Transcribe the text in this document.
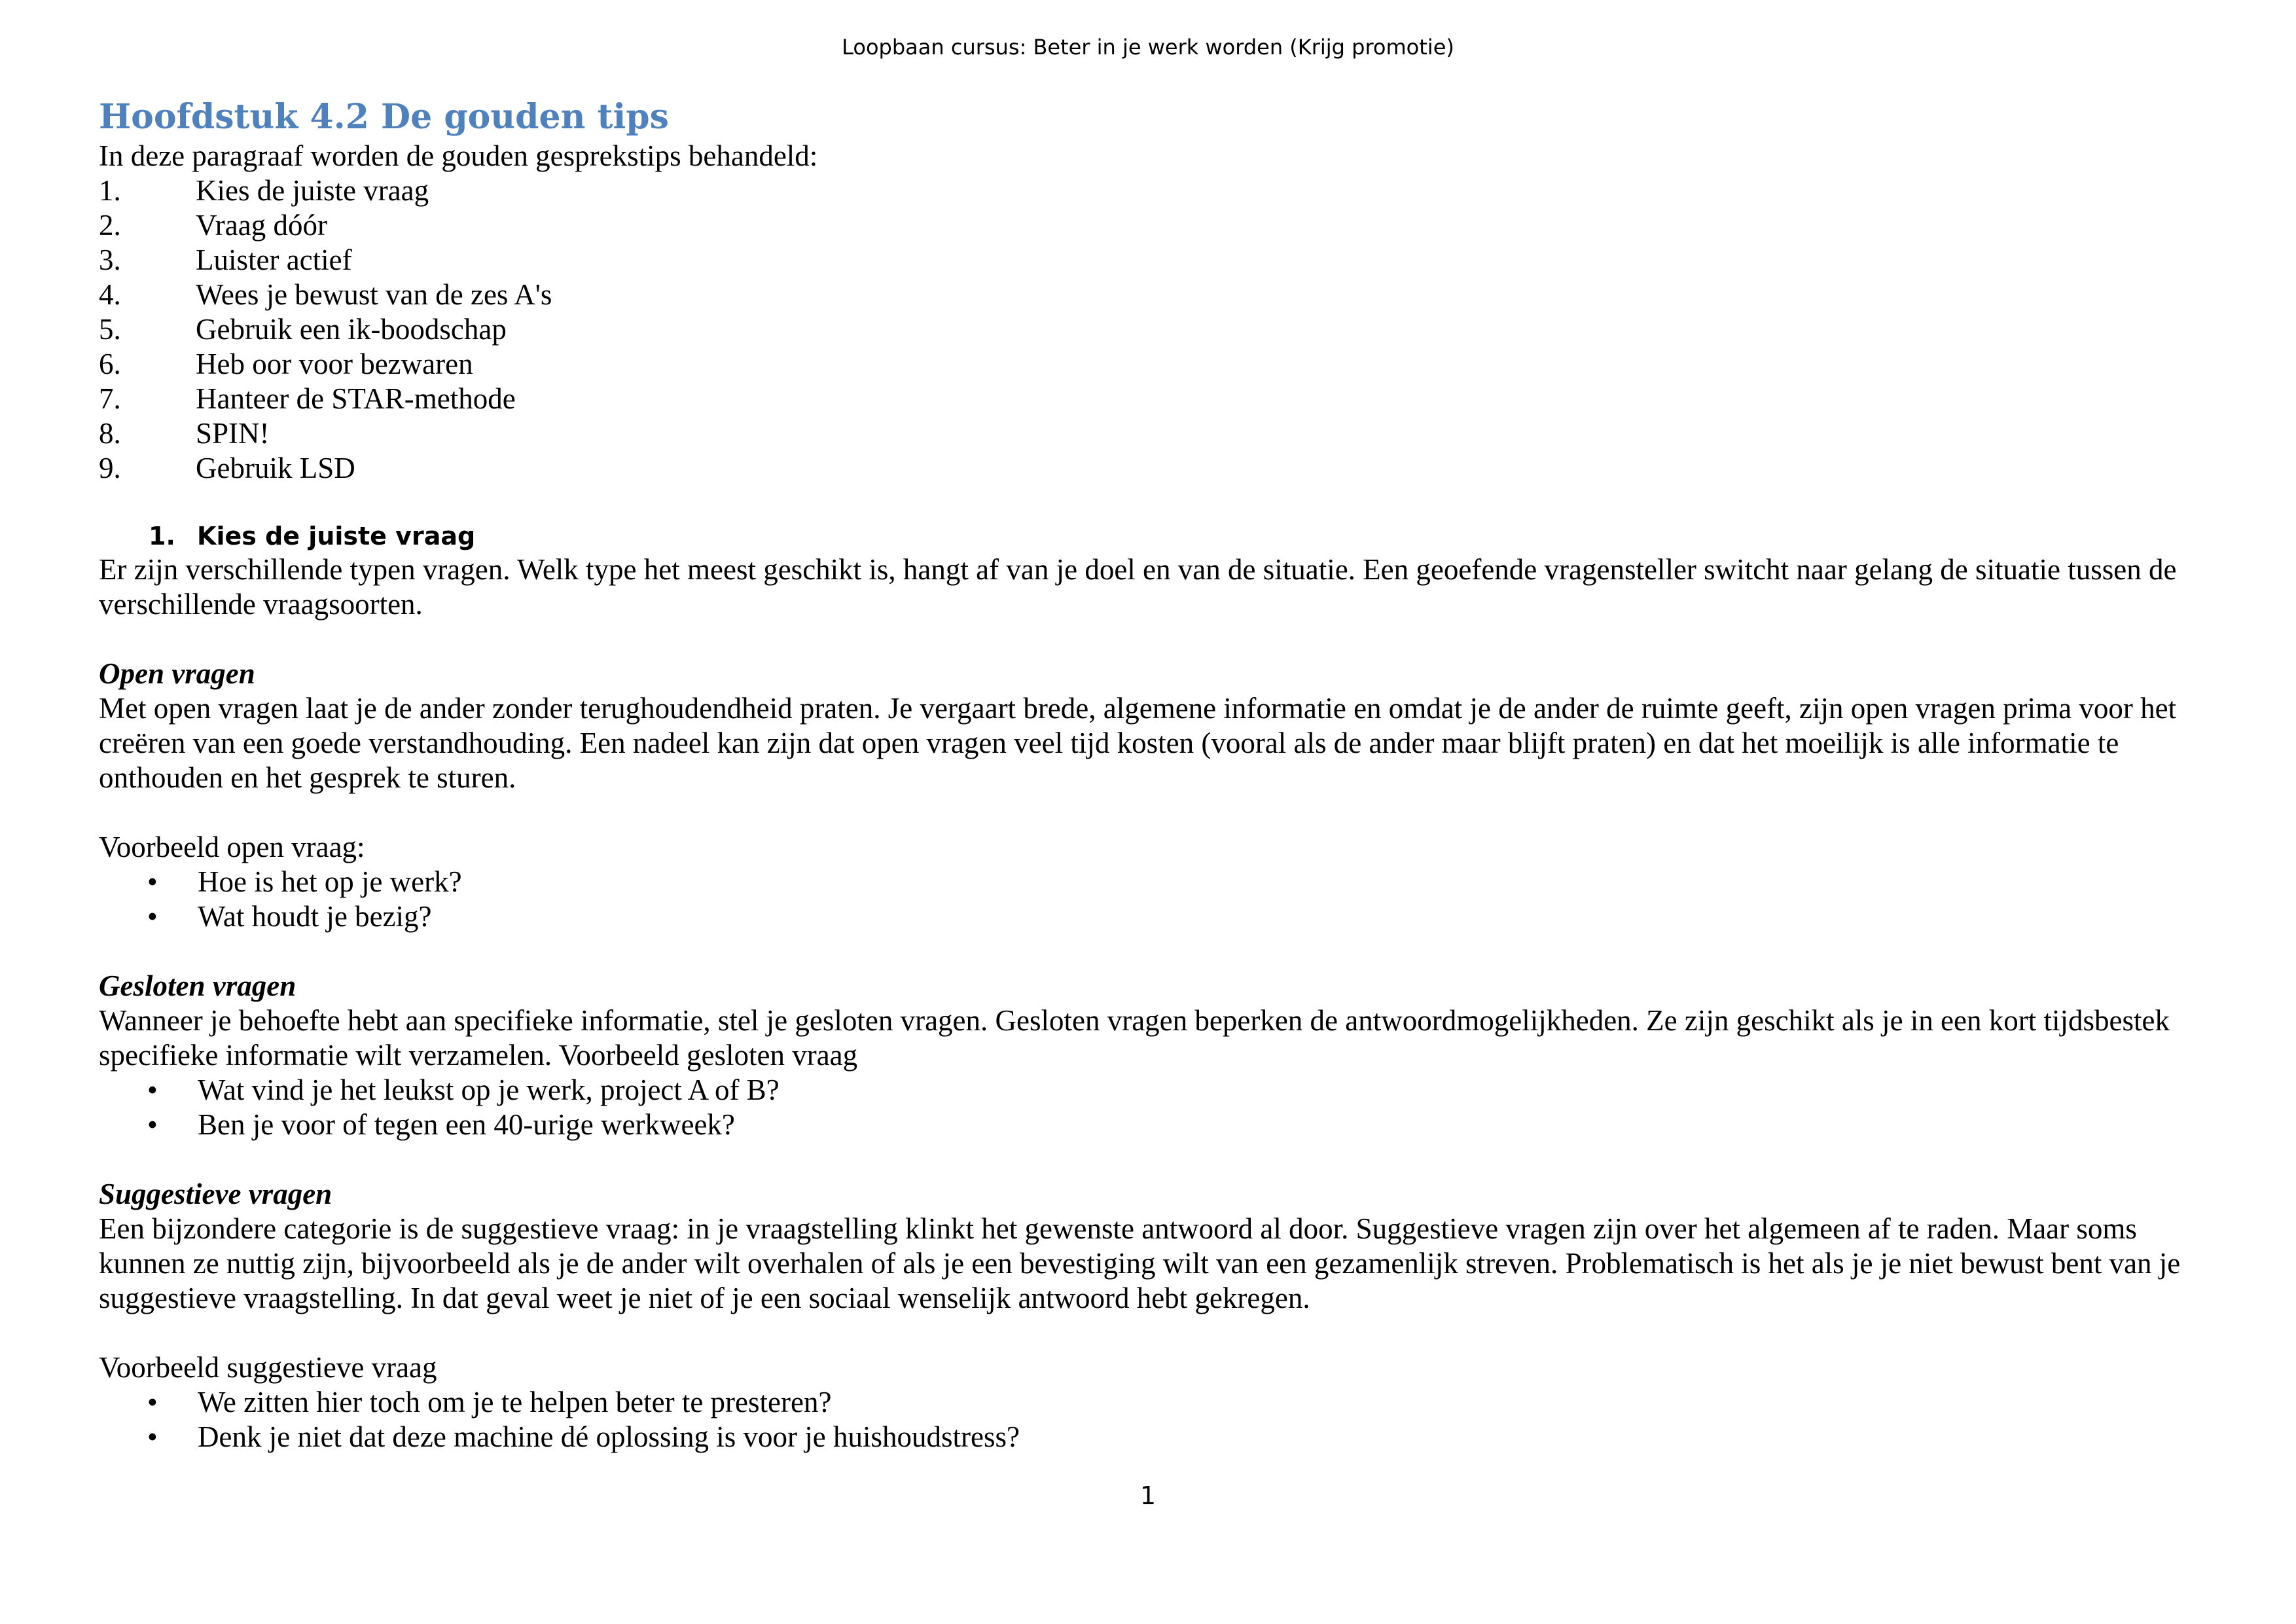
Loopbaan cursus: Beter in je werk worden (Krijg promotie)
Hoofdstuk 4.2 De gouden tips

In deze paragraaf worden de gouden gesprekstips behandeld:

1.	Kies de juiste vraag
2.	Vraag dóór
3.	Luister actief
4.	Wees je bewust van de zes A's
5.	Gebruik een ik-boodschap
6.	Heb oor voor bezwaren
7.	Hanteer de STAR-methode
8.	SPIN!
9.	Gebruik LSD
1. Kies de juiste vraag

Er zijn verschillende typen vragen. Welk type het meest geschikt is, hangt af van je doel en van de situatie. Een geoefende vragensteller switcht naar gelang de situatie tussen de verschillende vraagsoorten.

Open vragen

Met open vragen laat je de ander zonder terughoudendheid praten. Je vergaart brede, algemene informatie en omdat je de ander de ruimte geeft, zijn open vragen prima voor het creëren van een goede verstandhouding. Een nadeel kan zijn dat open vragen veel tijd kosten (vooral als de ander maar blijft praten) en dat het moeilijk is alle informatie te onthouden en het gesprek te sturen.

Voorbeeld open vraag:

•	Hoe is het op je werk?
•	Wat houdt je bezig?

Gesloten vragen

Wanneer je behoefte hebt aan specifieke informatie, stel je gesloten vragen. Gesloten vragen beperken de antwoordmogelijkheden. Ze zijn geschikt als je in een kort tijdsbestek specifieke informatie wilt verzamelen. Voorbeeld gesloten vraag

•	Wat vind je het leukst op je werk, project A of B?
•	Ben je voor of tegen een 40-urige werkweek?

Suggestieve vragen

Een bijzondere categorie is de suggestieve vraag: in je vraagstelling klinkt het gewenste antwoord al door. Suggestieve vragen zijn over het algemeen af te raden. Maar soms kunnen ze nuttig zijn, bijvoorbeeld als je de ander wilt overhalen of als je een bevestiging wilt van een gezamenlijk streven. Problematisch is het als je je niet bewust bent van je suggestieve vraagstelling. In dat geval weet je niet of je een sociaal wenselijk antwoord hebt gekregen.

Voorbeeld suggestieve vraag

•	We zitten hier toch om je te helpen beter te presteren?
•	Denk je niet dat deze machine dé oplossing is voor je huishoudstress?
1
